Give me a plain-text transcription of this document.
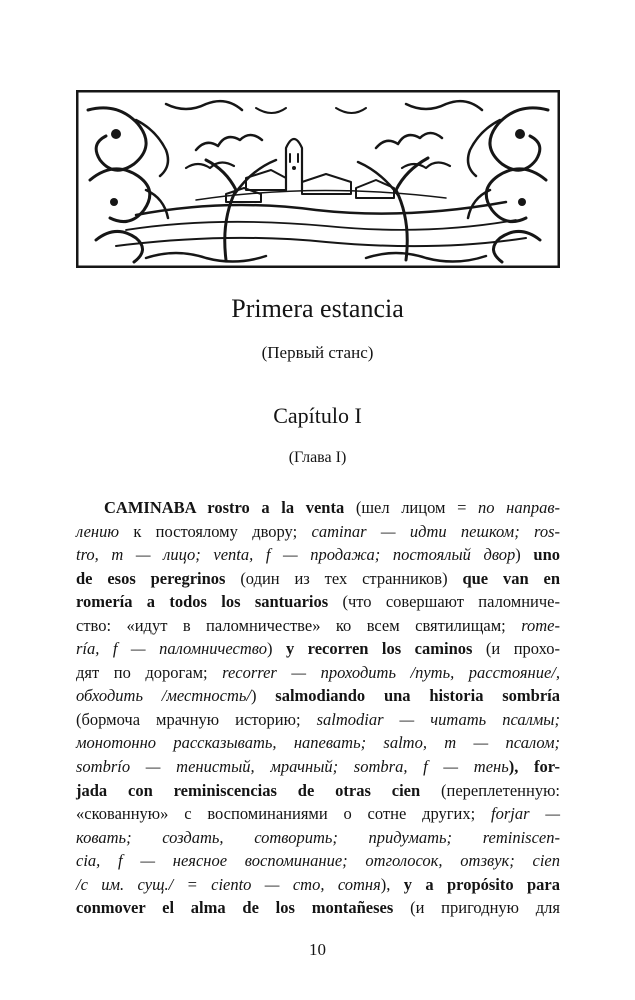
Primera estancia
(Первый станс)
Capítulo I
(Глава I)
CAMINABA rostro a la venta (шел лицом = по направ-
лению к постоялому двору; caminar — идти пешком; ros-
tro, m — лицо; venta, f — продажа; постоялый двор) uno
de esos peregrinos (один из тех странников) que van en
romería a todos los santuarios (что совершают паломниче-
ство: «идут в паломничестве» ко всем святилищам; rome-
ría, f — паломничество) y recorren los caminos (и прохо-
дят по дорогам; recorrer — проходить /путь, расстояние/,
обходить /местность/) salmodiando una historia sombría
(бормоча мрачную историю; salmodiar — читать псалмы;
монотонно рассказывать, напевать; salmo, m — псалом;
sombrío — тенистый, мрачный; sombra, f — тень), for-
jada con reminiscencias de otras cien (переплетенную:
«скованную» с воспоминаниями о сотне других; forjar —
ковать; создать, сотворить; придумать; reminiscen-
cia, f — неясное воспоминание; отголосок, отзвук; cien
/с им. сущ./ = ciento — сто, сотня), y a propósito para
conmover el alma de los montañeses (и пригодную для
10
